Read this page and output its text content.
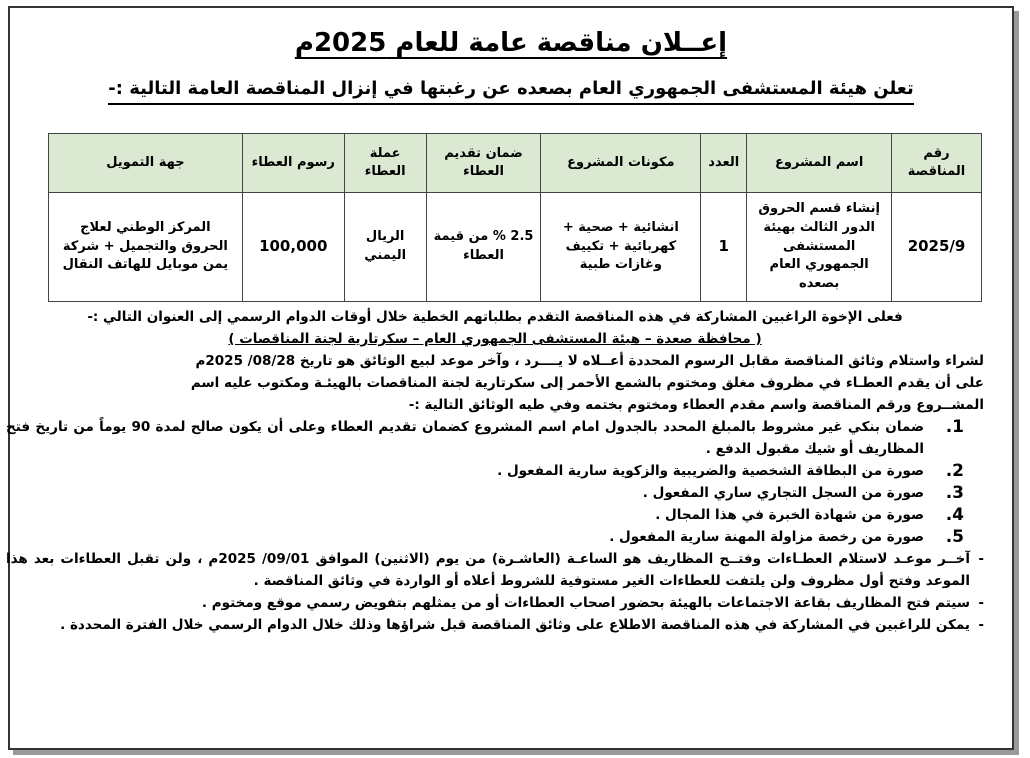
إعــلان مناقصة عامة للعام 2025م
تعلن هيئة المستشفى الجمهوري العام بصعده عن رغبتها في إنزال المناقصة العامة التالية :-
رقم المناقصة	اسم المشروع	العدد	مكونات المشروع	ضمان تقديم العطاء	عملة العطاء	رسوم العطاء	جهة التمويل
2025/9	إنشاء قسم الحروق الدور الثالث بهيئة المستشفى الجمهوري العام بصعده	1	انشائية + صحية + كهربائية + تكييف وغازات طبية	2.5 % من قيمة العطاء	الريال اليمني	100,000	المركز الوطني لعلاج الحروق والتجميل + شركة يمن موبايل للهاتف النقال
فعلى الإخوة الراغبين المشاركة في هذه المناقصة التقدم بطلباتهم الخطية خلال أوقات الدوام الرسمي إلى العنوان التالي :-
( محافظة صعدة – هيئة المستشفى الجمهوري العام – سكرتارية لجنة المناقصات )
لشراء واستلام وثائق المناقصة مقابل الرسوم المحددة أعــلاه لا يــــرد ، وآخر موعد لبيع الوثائق هو تاريخ 08/28/ 2025م
على أن يقدم العطـاء في مظروف مغلق ومختوم بالشمع الأحمر إلى سكرتارية لجنة المناقصات بالهيئـة ومكتوب عليه اسم
المشــروع ورقم المناقصة واسم مقدم العطاء ومختوم بختمه وفي طيه الوثائق التالية :-
1.
ضمان بنكي غير مشروط بالمبلغ المحدد بالجدول امام اسم المشروع كضمان تقديم العطاء وعلى أن يكون صالح لمدة 90 يوماً من تاريخ فتح المظاريف أو شيك مقبول الدفع .
2.
صورة من البطاقة الشخصية والضريبية والزكوية سارية المفعول .
3.
صورة من السجل التجاري ساري المفعول .
4.
صورة من شهادة الخبرة في هذا المجال .
5.
صورة من رخصة مزاولة المهنة سارية المفعول .
-
آخــر موعـد لاستلام العطـاءات وفتــح المظاريف هو الساعـة (العاشـرة) من يوم (الاثنين) الموافق 09/01/ 2025م ، ولن تقبل العطاءات بعد هذا الموعد وفتح أول مظروف ولن يلتفت للعطاءات الغير مستوفية للشروط أعلاه أو الواردة في وثائق المناقصة .
-
سيتم فتح المظاريف بقاعة الاجتماعات بالهيئة بحضور اصحاب العطاءات أو من يمثلهم بتفويض رسمي موقع ومختوم .
-
يمكن للراغبين في المشاركة في هذه المناقصة الاطلاع على وثائق المناقصة قبل شراؤها وذلك خلال الدوام الرسمي خلال الفترة المحددة .
